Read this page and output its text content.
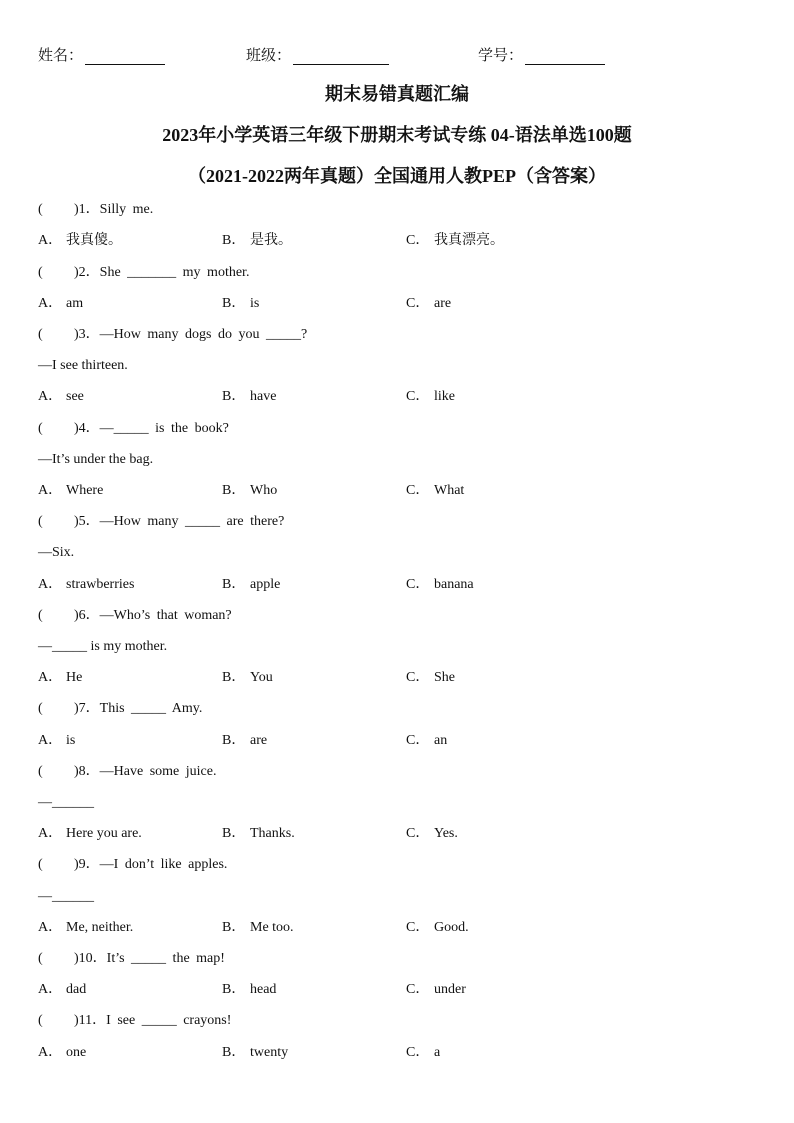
姓名：	班级：	学号：
期末易错真题汇编
2023年小学英语三年级下册期末考试专练 04-语法单选100题
（2021-2022两年真题）全国通用人教PEP（含答案）
( )1．Silly me.
A． 我真傻。	B． 是我。	C． 我真漂亮。
( )2．She _______ my mother.
A． am	B． is	C． are
( )3．—How many dogs do you _____?
—I see thirteen.
A． see	B． have	C． like
( )4．—_____ is the book?
—It’s under the bag.
A． Where	B． Who	C． What
( )5．—How many _____ are there?
—Six.
A． strawberries	B． apple	C． banana
( )6．—Who’s that woman?
—_____ is my mother.
A． He	B． You	C． She
( )7．This _____ Amy.
A． is	B． are	C． an
( )8．—Have some juice.
—______
A． Here you are.	B． Thanks.	C． Yes.
( )9．—I don’t like apples.
—______
A． Me, neither.	B． Me too.	C． Good.
( )10．It’s _____ the map!
A． dad	B． head	C． under
( )11．I see _____ crayons!
A． one	B． twenty	C． a
